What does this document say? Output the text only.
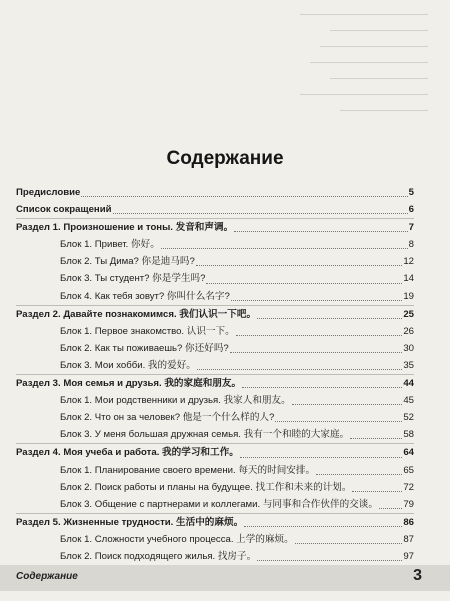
Содержание
Предисловие	5
Список сокращений	6
Раздел 1. Произношение и тоны. 发音和声调。	7
Блок 1. Привет. 你好。	8
Блок 2. Ты Дима? 你是迪马吗?	12
Блок 3. Ты студент? 你是学生吗?	14
Блок 4. Как тебя зовут? 你叫什么名字?	19
Раздел 2. Давайте познакомимся. 我们认识一下吧。	25
Блок 1. Первое знакомство. 认识一下。	26
Блок 2. Как ты поживаешь? 你还好吗?	30
Блок 3. Мои хобби. 我的爱好。	35
Раздел 3. Моя семья и друзья. 我的家庭和朋友。	44
Блок 1. Мои родственники и друзья. 我家人和朋友。	45
Блок 2. Что он за человек? 他是一个什么样的人?	52
Блок 3. У меня большая дружная семья. 我有一个和睦的大家庭。	58
Раздел 4. Моя учеба и работа. 我的学习和工作。	64
Блок 1. Планирование своего времени. 每天的时间安排。	65
Блок 2. Поиск работы и планы на будущее. 找工作和未来的计划。	72
Блок 3. Общение с партнерами и коллегами. 与同事和合作伙伴的交谈。	79
Раздел 5. Жизненные трудности. 生活中的麻烦。	86
Блок 1. Сложности учебного процесса. 上学的麻烦。	87
Блок 2. Поиск подходящего жилья. 找房子。	97
Содержание	3
